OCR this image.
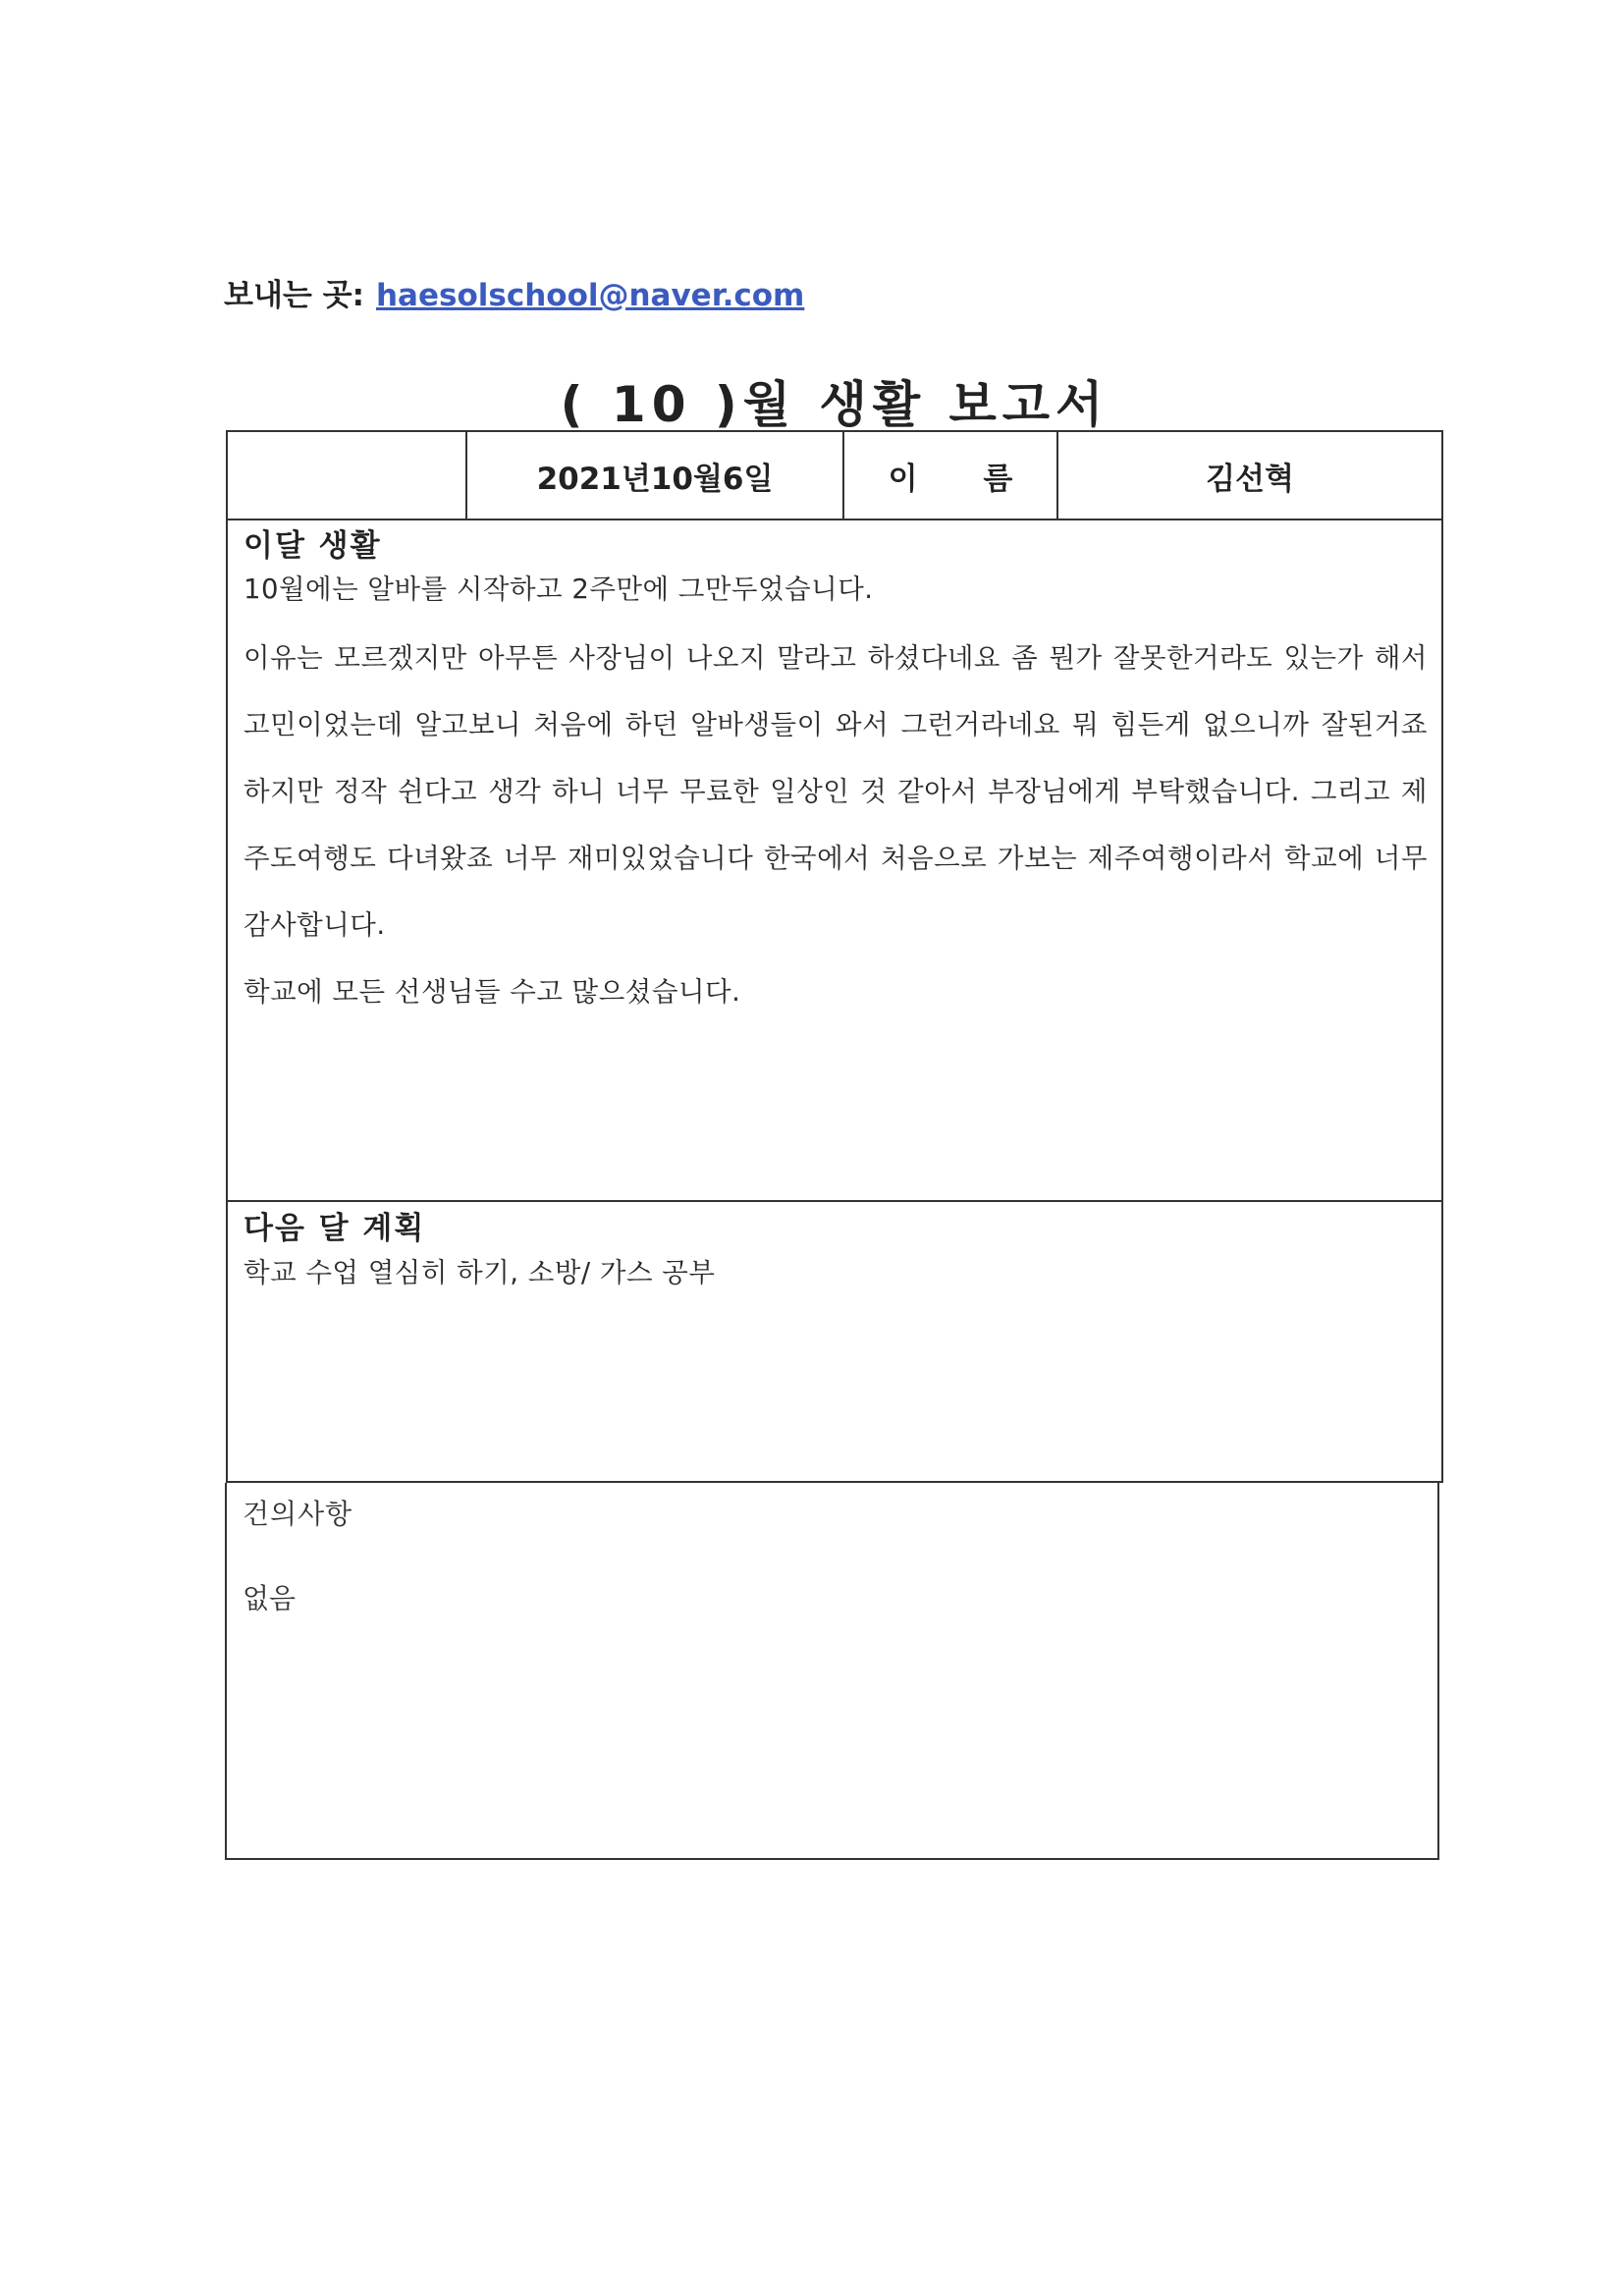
보내는 곳: haesolschool@naver.com
( 10 )월 생활 보고서
2021년10월6일	이 름	김선혁
이달 생활
10월에는 알바를 시작하고 2주만에 그만두었습니다.
이유는 모르겠지만 아무튼 사장님이 나오지 말라고 하셨다네요 좀 뭔가 잘못한거라도 있는가 해서 고민이었는데 알고보니 처음에 하던 알바생들이 와서 그런거라네요 뭐 힘든게 없으니까 잘된거죠 하지만 정작 쉰다고 생각 하니 너무 무료한 일상인 것 같아서 부장님에게 부탁했습니다. 그리고 제주도여행도 다녀왔죠 너무 재미있었습니다 한국에서 처음으로 가보는 제주여행이라서 학교에 너무 감사합니다.
학교에 모든 선생님들 수고 많으셨습니다.
다음 달 계획
학교 수업 열심히 하기, 소방/ 가스 공부
건의사항
없음
